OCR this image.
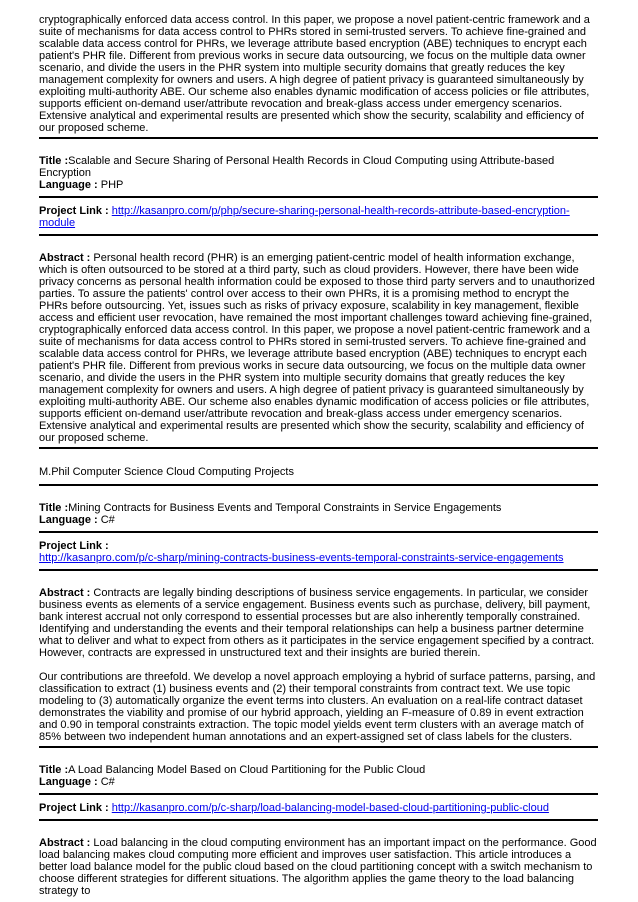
cryptographically enforced data access control. In this paper, we propose a novel patient-centric framework and a suite of mechanisms for data access control to PHRs stored in semi-trusted servers. To achieve fine-grained and scalable data access control for PHRs, we leverage attribute based encryption (ABE) techniques to encrypt each patient's PHR file. Different from previous works in secure data outsourcing, we focus on the multiple data owner scenario, and divide the users in the PHR system into multiple security domains that greatly reduces the key management complexity for owners and users. A high degree of patient privacy is guaranteed simultaneously by exploiting multi-authority ABE. Our scheme also enables dynamic modification of access policies or file attributes, supports efficient on-demand user/attribute revocation and break-glass access under emergency scenarios. Extensive analytical and experimental results are presented which show the security, scalability and efficiency of our proposed scheme.

Title :Scalable and Secure Sharing of Personal Health Records in Cloud Computing using Attribute-based Encryption

Language : PHP

Project Link : http://kasanpro.com/p/php/secure-sharing-personal-health-records-attribute-based-encryption-module

Abstract : Personal health record (PHR) is an emerging patient-centric model of health information exchange, which is often outsourced to be stored at a third party, such as cloud providers. However, there have been wide privacy concerns as personal health information could be exposed to those third party servers and to unauthorized parties. To assure the patients' control over access to their own PHRs, it is a promising method to encrypt the PHRs before outsourcing. Yet, issues such as risks of privacy exposure, scalability in key management, flexible access and efficient user revocation, have remained the most important challenges toward achieving fine-grained, cryptographically enforced data access control. In this paper, we propose a novel patient-centric framework and a suite of mechanisms for data access control to PHRs stored in semi-trusted servers. To achieve fine-grained and scalable data access control for PHRs, we leverage attribute based encryption (ABE) techniques to encrypt each patient's PHR file. Different from previous works in secure data outsourcing, we focus on the multiple data owner scenario, and divide the users in the PHR system into multiple security domains that greatly reduces the key management complexity for owners and users. A high degree of patient privacy is guaranteed simultaneously by exploiting multi-authority ABE. Our scheme also enables dynamic modification of access policies or file attributes, supports efficient on-demand user/attribute revocation and break-glass access under emergency scenarios. Extensive analytical and experimental results are presented which show the security, scalability and efficiency of our proposed scheme.

M.Phil Computer Science Cloud Computing Projects

Title :Mining Contracts for Business Events and Temporal Constraints in Service Engagements

Language : C#

Project Link :

http://kasanpro.com/p/c-sharp/mining-contracts-business-events-temporal-constraints-service-engagements

Abstract : Contracts are legally binding descriptions of business service engagements. In particular, we consider business events as elements of a service engagement. Business events such as purchase, delivery, bill payment, bank interest accrual not only correspond to essential processes but are also inherently temporally constrained. Identifying and understanding the events and their temporal relationships can help a business partner determine what to deliver and what to expect from others as it participates in the service engagement specified by a contract. However, contracts are expressed in unstructured text and their insights are buried therein.

Our contributions are threefold. We develop a novel approach employing a hybrid of surface patterns, parsing, and classification to extract (1) business events and (2) their temporal constraints from contract text. We use topic modeling to (3) automatically organize the event terms into clusters. An evaluation on a real-life contract dataset demonstrates the viability and promise of our hybrid approach, yielding an F-measure of 0.89 in event extraction and 0.90 in temporal constraints extraction. The topic model yields event term clusters with an average match of 85% between two independent human annotations and an expert-assigned set of class labels for the clusters.

Title :A Load Balancing Model Based on Cloud Partitioning for the Public Cloud

Language : C#

Project Link : http://kasanpro.com/p/c-sharp/load-balancing-model-based-cloud-partitioning-public-cloud

Abstract : Load balancing in the cloud computing environment has an important impact on the performance. Good load balancing makes cloud computing more efficient and improves user satisfaction. This article introduces a better load balance model for the public cloud based on the cloud partitioning concept with a switch mechanism to choose different strategies for different situations. The algorithm applies the game theory to the load balancing strategy to
